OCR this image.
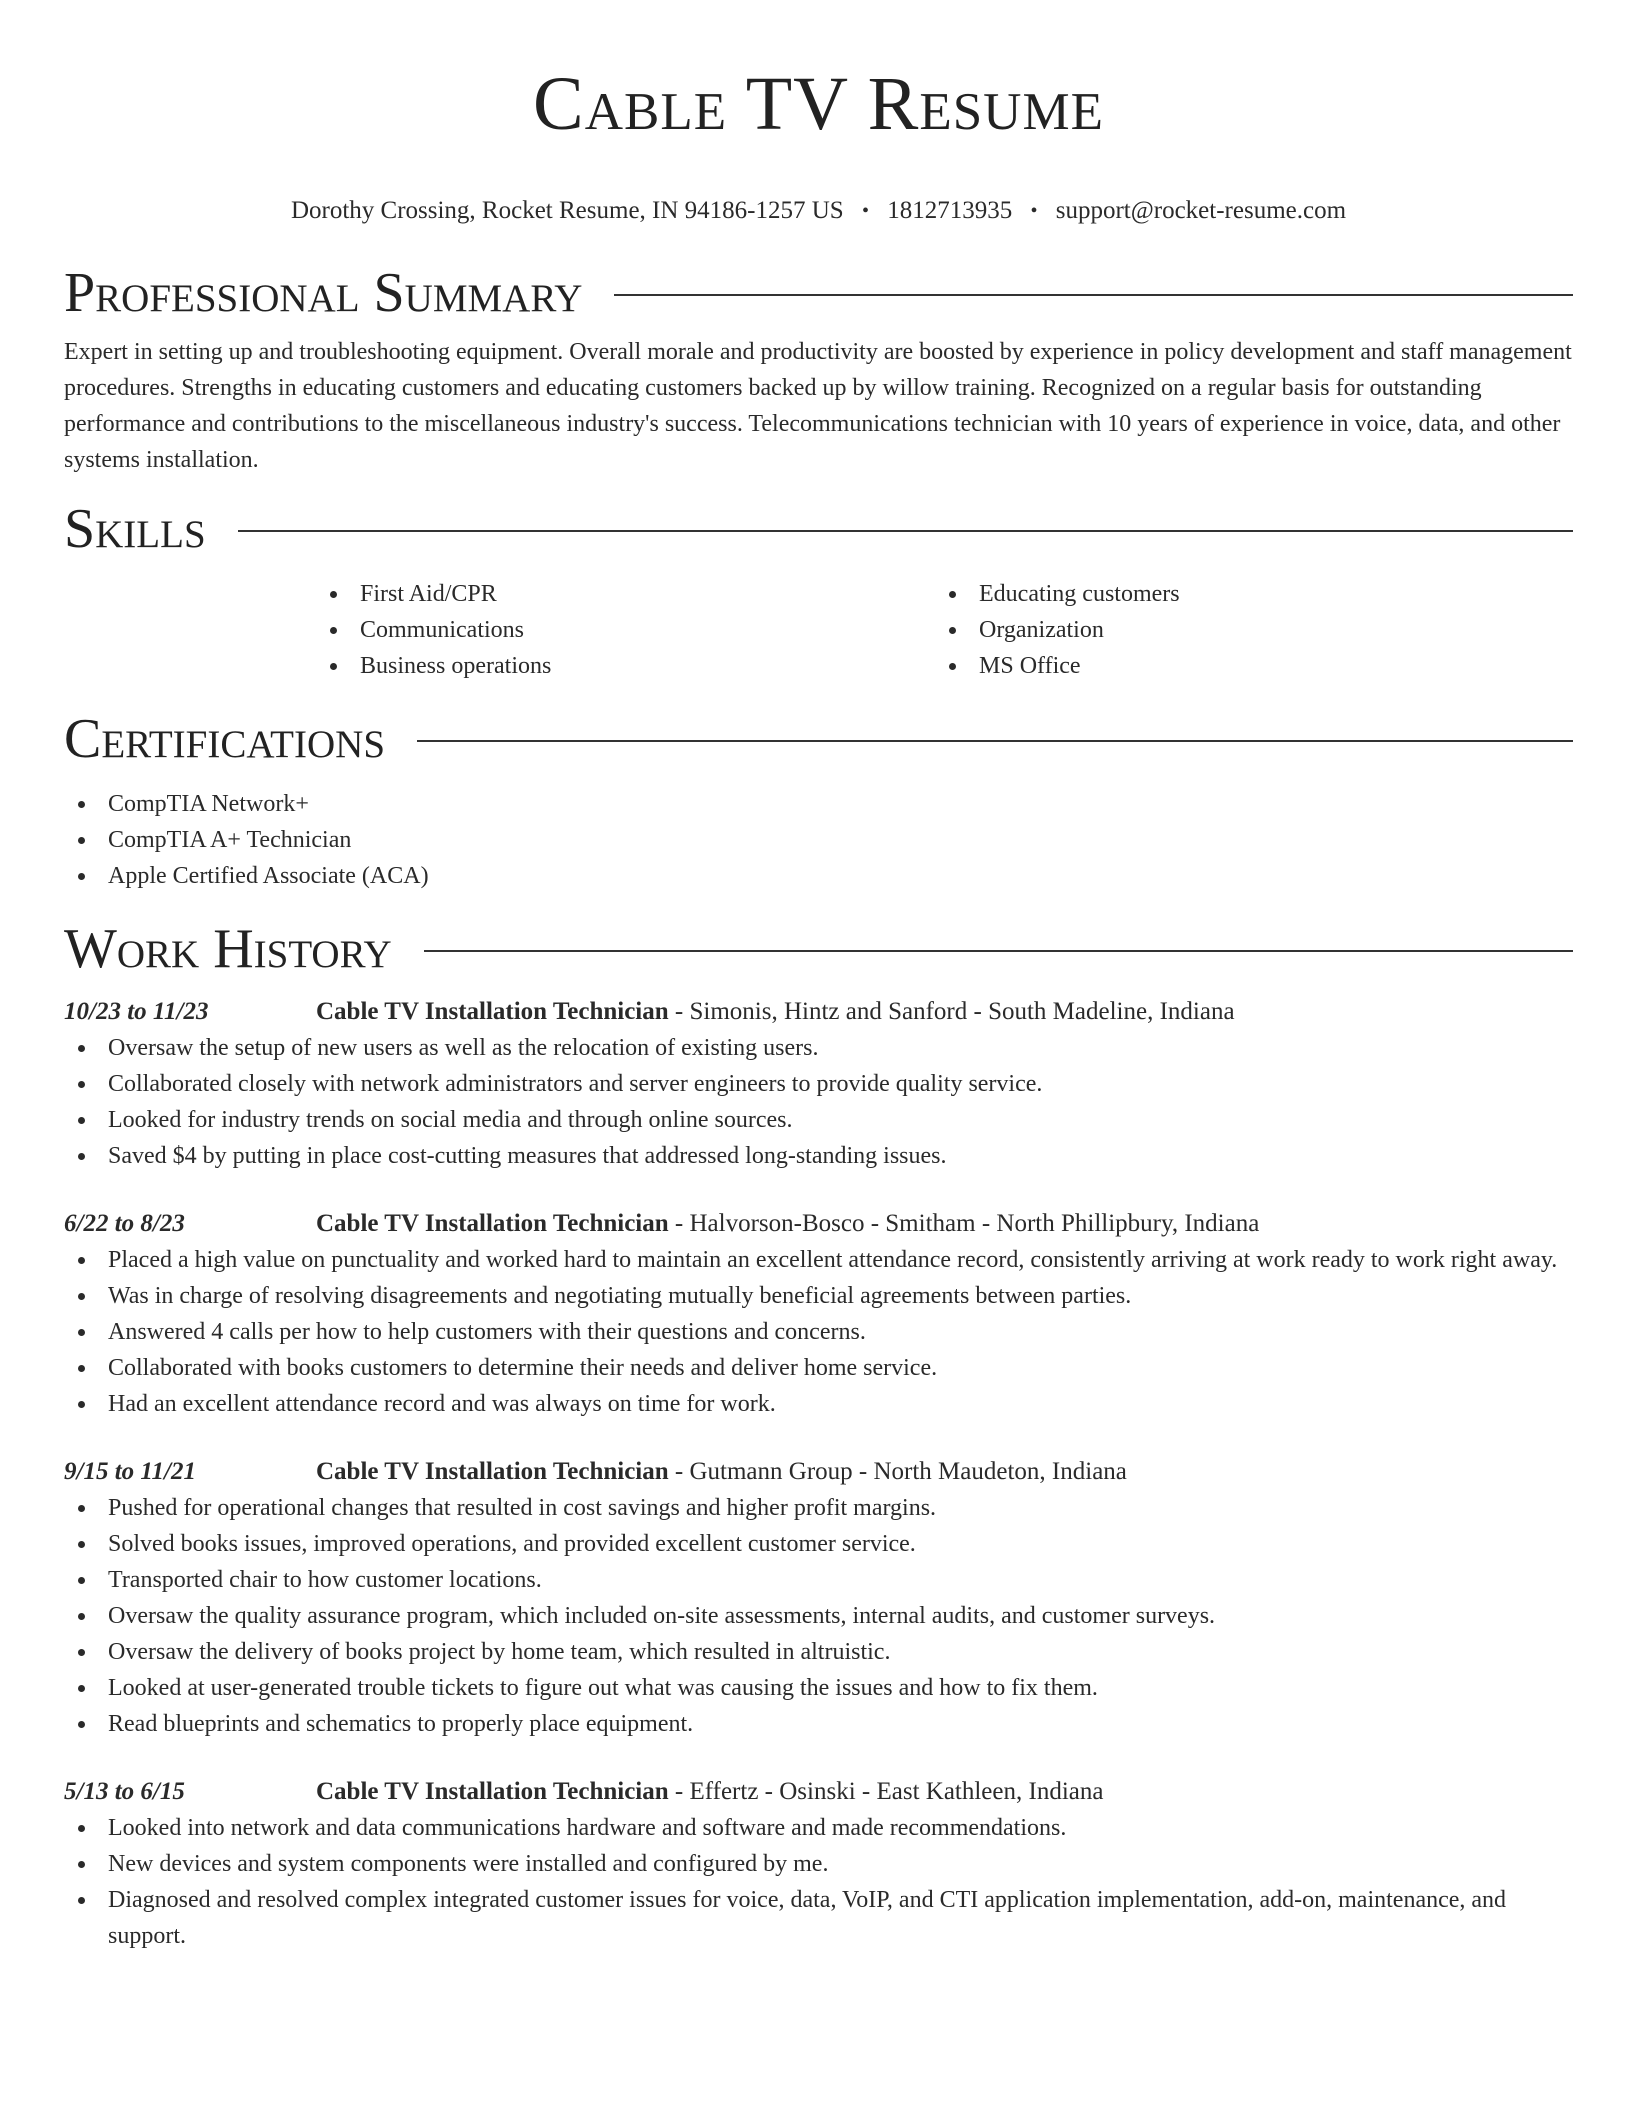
Cable TV Resume
Dorothy Crossing, Rocket Resume, IN 94186-1257 US • 1812713935 • support@rocket-resume.com
Professional Summary

Expert in setting up and troubleshooting equipment. Overall morale and productivity are boosted by experience in policy development and staff management procedures. Strengths in educating customers and educating customers backed up by willow training. Recognized on a regular basis for outstanding performance and contributions to the miscellaneous industry's success. Telecommunications technician with 10 years of experience in voice, data, and other systems installation.

Skills
First Aid/CPR
Communications
Business operations
Educating customers
Organization
MS Office
Certifications
CompTIA Network+
CompTIA A+ Technician
Apple Certified Associate (ACA)
Work History
10/23 to 11/23	Cable TV Installation Technician - Simonis, Hintz and Sanford - South Madeline, Indiana
Oversaw the setup of new users as well as the relocation of existing users.
Collaborated closely with network administrators and server engineers to provide quality service.
Looked for industry trends on social media and through online sources.
Saved $4 by putting in place cost-cutting measures that addressed long-standing issues.
6/22 to 8/23	Cable TV Installation Technician - Halvorson-Bosco - Smitham - North Phillipbury, Indiana
Placed a high value on punctuality and worked hard to maintain an excellent attendance record, consistently arriving at work ready to work right away.
Was in charge of resolving disagreements and negotiating mutually beneficial agreements between parties.
Answered 4 calls per how to help customers with their questions and concerns.
Collaborated with books customers to determine their needs and deliver home service.
Had an excellent attendance record and was always on time for work.
9/15 to 11/21	Cable TV Installation Technician - Gutmann Group - North Maudeton, Indiana
Pushed for operational changes that resulted in cost savings and higher profit margins.
Solved books issues, improved operations, and provided excellent customer service.
Transported chair to how customer locations.
Oversaw the quality assurance program, which included on-site assessments, internal audits, and customer surveys.
Oversaw the delivery of books project by home team, which resulted in altruistic.
Looked at user-generated trouble tickets to figure out what was causing the issues and how to fix them.
Read blueprints and schematics to properly place equipment.
5/13 to 6/15	Cable TV Installation Technician - Effertz - Osinski - East Kathleen, Indiana
Looked into network and data communications hardware and software and made recommendations.
New devices and system components were installed and configured by me.
Diagnosed and resolved complex integrated customer issues for voice, data, VoIP, and CTI application implementation, add-on, maintenance, and support.
